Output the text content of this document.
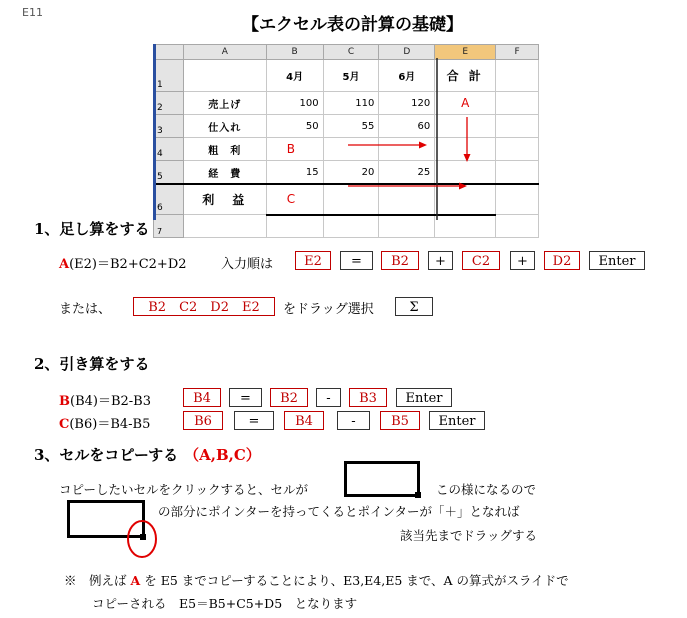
E11
【エクセル表の計算の基礎】
	A	B	C	D	E	F
1		4月	5月	6月	合 計	
2	売上げ	100	110	120	A	
3	仕入れ	50	55	60		
4	粗　利	B				
5	経　費	15	20	25		
6	利　益	C				
7						
1、足し算をする
A(E2)＝B2+C2+D2	入力順は	E2	=	B2	+	C2	+	D2	Enter
または、	B2　C2　D2　E2	をドラッグ選択	Σ
2、引き算をする
B(B4)＝B2-B3	B4	=	B2	-	B3	Enter
C(B6)＝B4-B5	B6	=	B4	-	B5	Enter
3、セルをコピーする （A,B,C）
コピーしたいセルをクリックすると、セルが	この様になるので
の部分にポインターを持ってくるとポインターが「＋」となれば
該当先までドラッグする
※　 例えば A を E5 までコピーすることにより、E3,E4,E5 まで、A の算式がスライドで
コピーされる　E5＝B5+C5+D5　となります
